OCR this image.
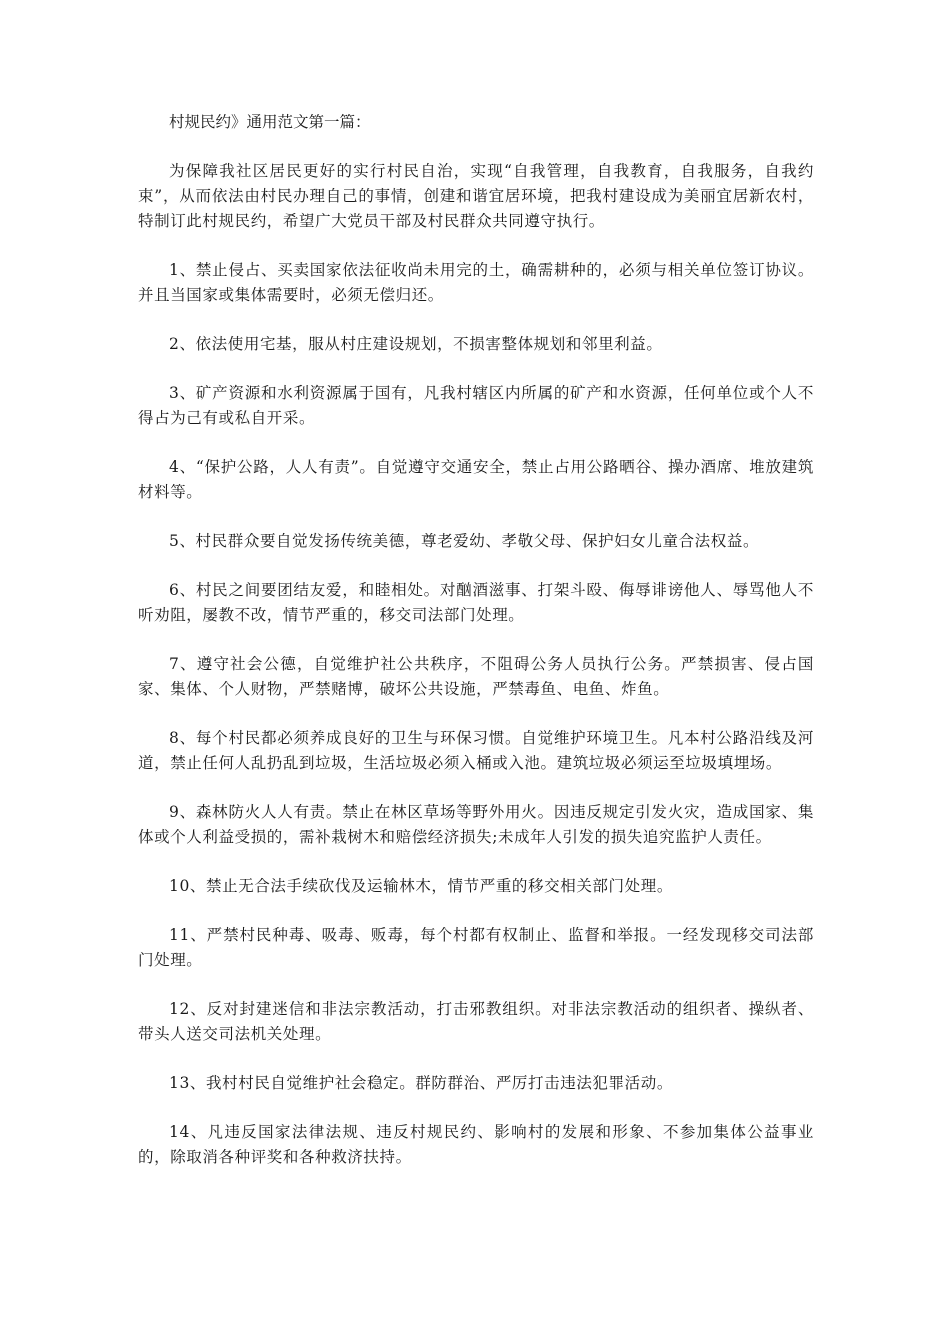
村规民约》通用范文第一篇：

为保障我社区居民更好的实行村民自治，实现“自我管理，自我教育，自我服务，自我约束”，从而依法由村民办理自己的事情，创建和谐宜居环境，把我村建设成为美丽宜居新农村，特制订此村规民约，希望广大党员干部及村民群众共同遵守执行。

1、禁止侵占、买卖国家依法征收尚未用完的土，确需耕种的，必须与相关单位签订协议。并且当国家或集体需要时，必须无偿归还。

2、依法使用宅基，服从村庄建设规划，不损害整体规划和邻里利益。

3、矿产资源和水利资源属于国有，凡我村辖区内所属的矿产和水资源，任何单位或个人不得占为己有或私自开采。

4、“保护公路，人人有责”。自觉遵守交通安全，禁止占用公路晒谷、操办酒席、堆放建筑材料等。

5、村民群众要自觉发扬传统美德，尊老爱幼、孝敬父母、保护妇女儿童合法权益。

6、村民之间要团结友爱，和睦相处。对酗酒滋事、打架斗殴、侮辱诽谤他人、辱骂他人不听劝阻，屡教不改，情节严重的，移交司法部门处理。

7、遵守社会公德，自觉维护社公共秩序，不阻碍公务人员执行公务。严禁损害、侵占国家、集体、个人财物，严禁赌博，破坏公共设施，严禁毒鱼、电鱼、炸鱼。

8、每个村民都必须养成良好的卫生与环保习惯。自觉维护环境卫生。凡本村公路沿线及河道，禁止任何人乱扔乱到垃圾，生活垃圾必须入桶或入池。建筑垃圾必须运至垃圾填埋场。

9、森林防火人人有责。禁止在林区草场等野外用火。因违反规定引发火灾，造成国家、集体或个人利益受损的，需补栽树木和赔偿经济损失;未成年人引发的损失追究监护人责任。

10、禁止无合法手续砍伐及运输林木，情节严重的移交相关部门处理。

11、严禁村民种毒、吸毒、贩毒，每个村都有权制止、监督和举报。一经发现移交司法部门处理。

12、反对封建迷信和非法宗教活动，打击邪教组织。对非法宗教活动的组织者、操纵者、带头人送交司法机关处理。

13、我村村民自觉维护社会稳定。群防群治、严厉打击违法犯罪活动。

14、凡违反国家法律法规、违反村规民约、影响村的发展和形象、不参加集体公益事业的，除取消各种评奖和各种救济扶持。
